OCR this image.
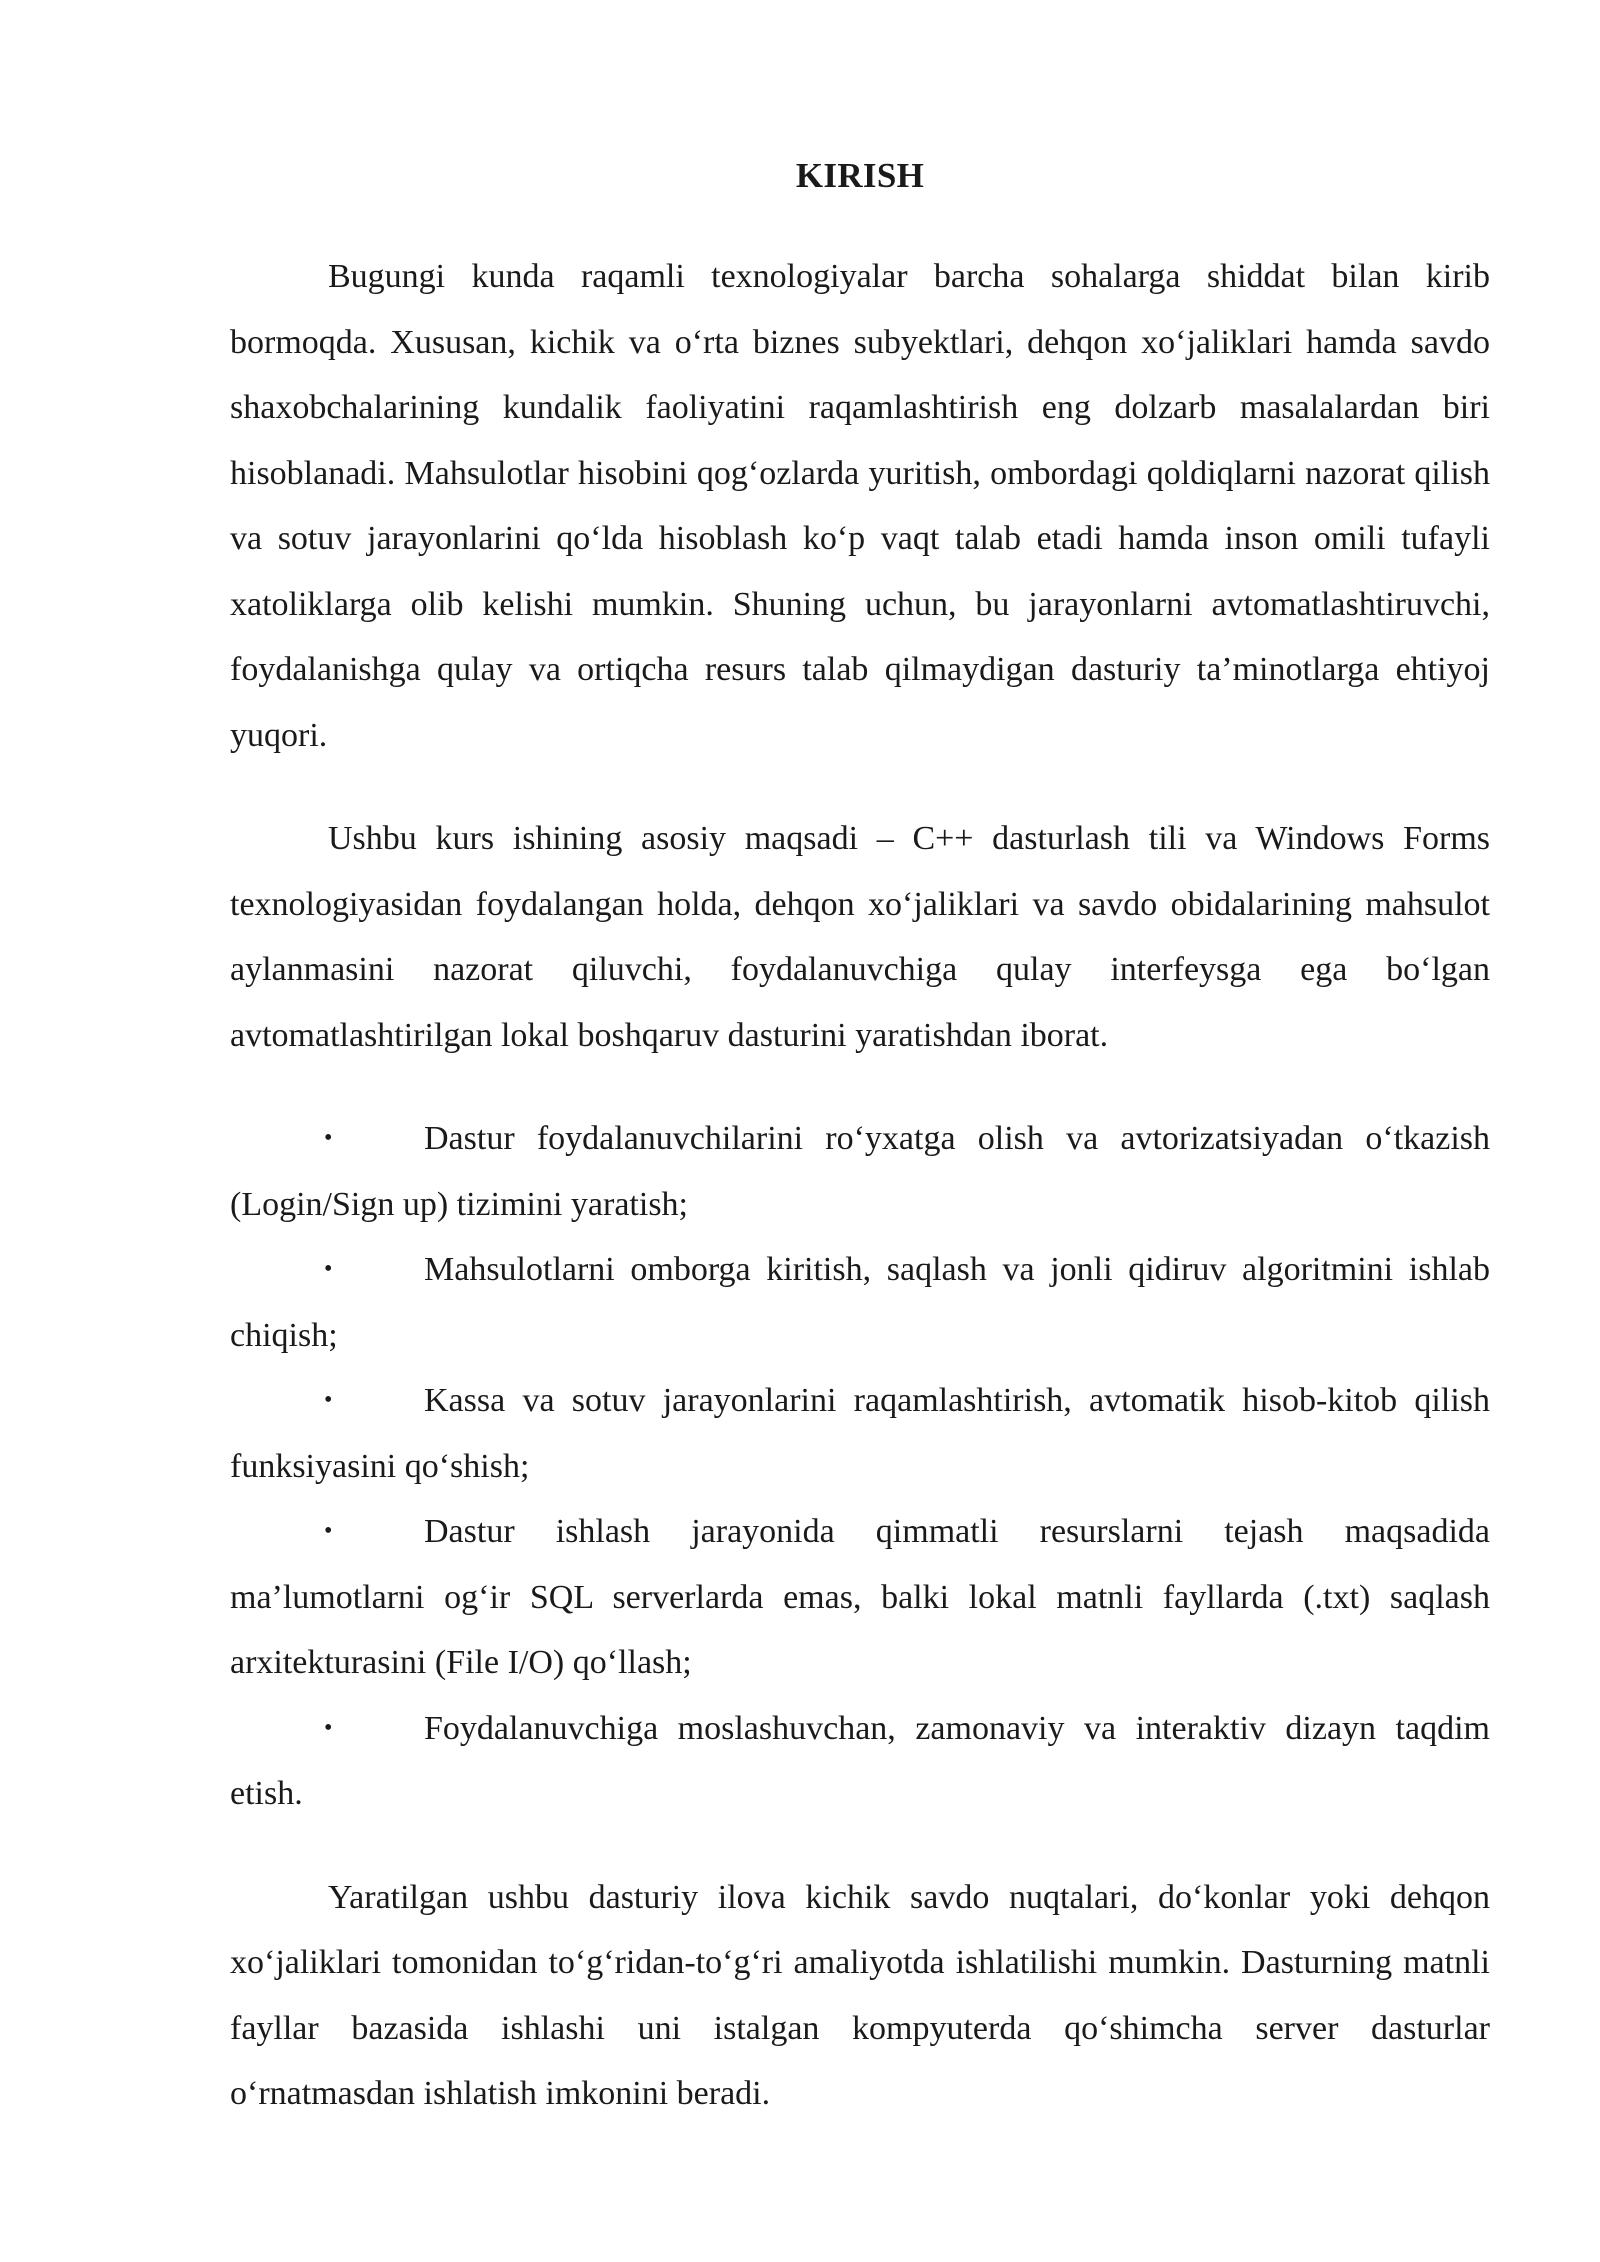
KIRISH

Bugungi kunda raqamli texnologiyalar barcha sohalarga shiddat bilan kirib bormoqda. Xususan, kichik va o‘rta biznes subyektlari, dehqon xo‘jaliklari hamda savdo shaxobchalarining kundalik faoliyatini raqamlashtirish eng dolzarb masalalardan biri hisoblanadi. Mahsulotlar hisobini qog‘ozlarda yuritish, ombordagi qoldiqlarni nazorat qilish va sotuv jarayonlarini qo‘lda hisoblash ko‘p vaqt talab etadi hamda inson omili tufayli xatoliklarga olib kelishi mumkin. Shuning uchun, bu jarayonlarni avtomatlashtiruvchi, foydalanishga qulay va ortiqcha resurs talab qilmaydigan dasturiy ta’minotlarga ehtiyoj yuqori.

Ushbu kurs ishining asosiy maqsadi – C++ dasturlash tili va Windows Forms texnologiyasidan foydalangan holda, dehqon xo‘jaliklari va savdo obidalarining mahsulot aylanmasini nazorat qiluvchi, foydalanuvchiga qulay interfeysga ega bo‘lgan avtomatlashtirilgan lokal boshqaruv dasturini yaratishdan iborat.

•	Dastur foydalanuvchilarini ro‘yxatga olish va avtorizatsiyadan o‘tkazish (Login/Sign up) tizimini yaratish;
•	Mahsulotlarni omborga kiritish, saqlash va jonli qidiruv algoritmini ishlab chiqish;
•	Kassa va sotuv jarayonlarini raqamlashtirish, avtomatik hisob-kitob qilish funksiyasini qo‘shish;
•	Dastur ishlash jarayonida qimmatli resurslarni tejash maqsadida ma’lumotlarni og‘ir SQL serverlarda emas, balki lokal matnli fayllarda (.txt) saqlash arxitekturasini (File I/O) qo‘llash;
•	Foydalanuvchiga moslashuvchan, zamonaviy va interaktiv dizayn taqdim etish.

Yaratilgan ushbu dasturiy ilova kichik savdo nuqtalari, do‘konlar yoki dehqon xo‘jaliklari tomonidan to‘g‘ridan-to‘g‘ri amaliyotda ishlatilishi mumkin. Dasturning matnli fayllar bazasida ishlashi uni istalgan kompyuterda qo‘shimcha server dasturlar o‘rnatmasdan ishlatish imkonini beradi.
